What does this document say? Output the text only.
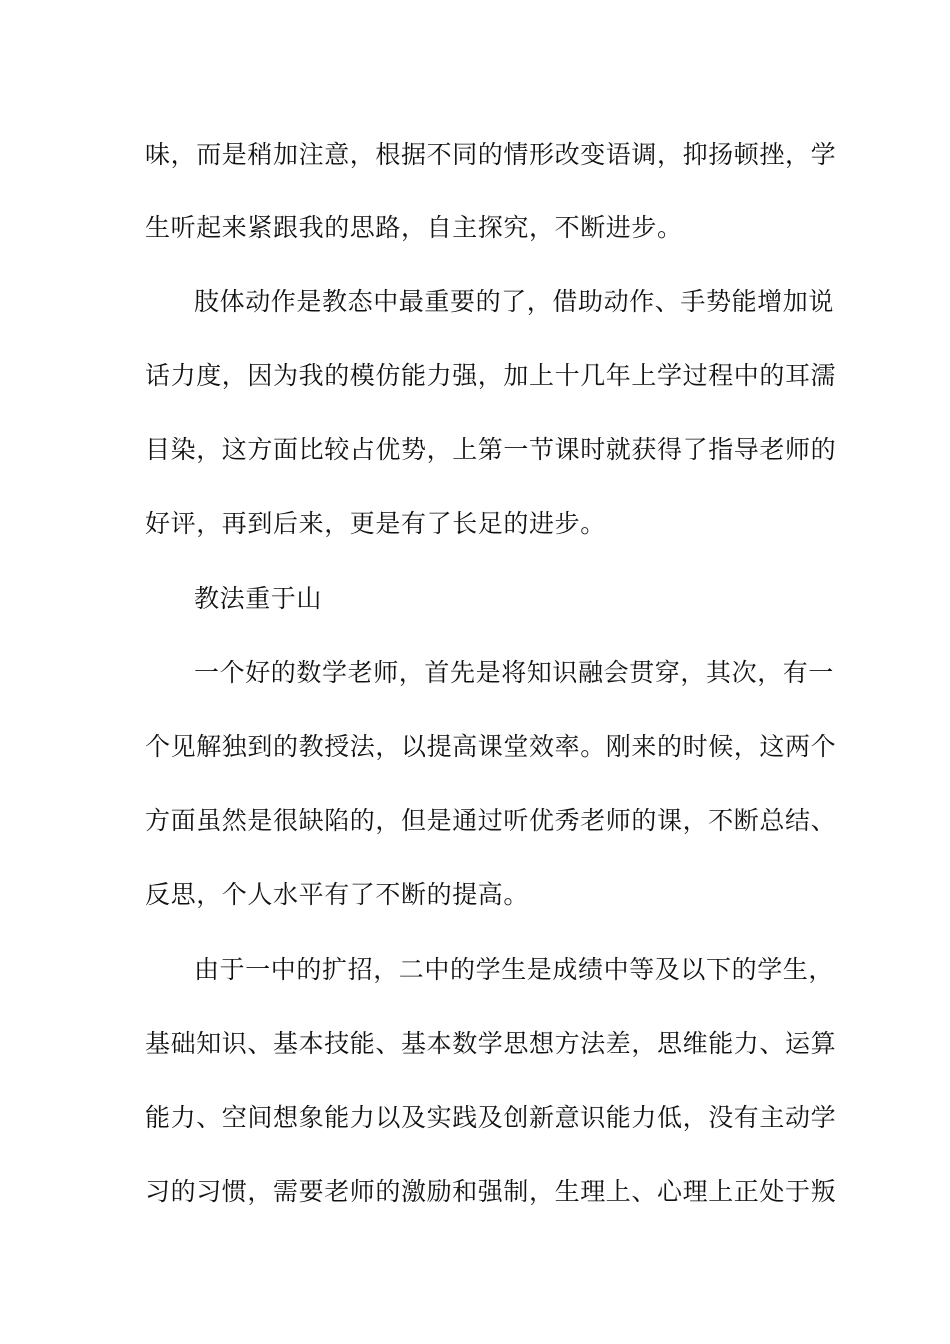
味，而是稍加注意，根据不同的情形改变语调，抑扬顿挫，学
生听起来紧跟我的思路，自主探究，不断进步。
肢体动作是教态中最重要的了，借助动作、手势能增加说
话力度，因为我的模仿能力强，加上十几年上学过程中的耳濡
目染，这方面比较占优势，上第一节课时就获得了指导老师的
好评，再到后来，更是有了长足的进步。
教法重于山
一个好的数学老师，首先是将知识融会贯穿，其次，有一
个见解独到的教授法，以提高课堂效率。刚来的时候，这两个
方面虽然是很缺陷的，但是通过听优秀老师的课，不断总结、
反思，个人水平有了不断的提高。
由于一中的扩招，二中的学生是成绩中等及以下的学生，
基础知识、基本技能、基本数学思想方法差，思维能力、运算
能力、空间想象能力以及实践及创新意识能力低，没有主动学
习的习惯，需要老师的激励和强制，生理上、心理上正处于叛
